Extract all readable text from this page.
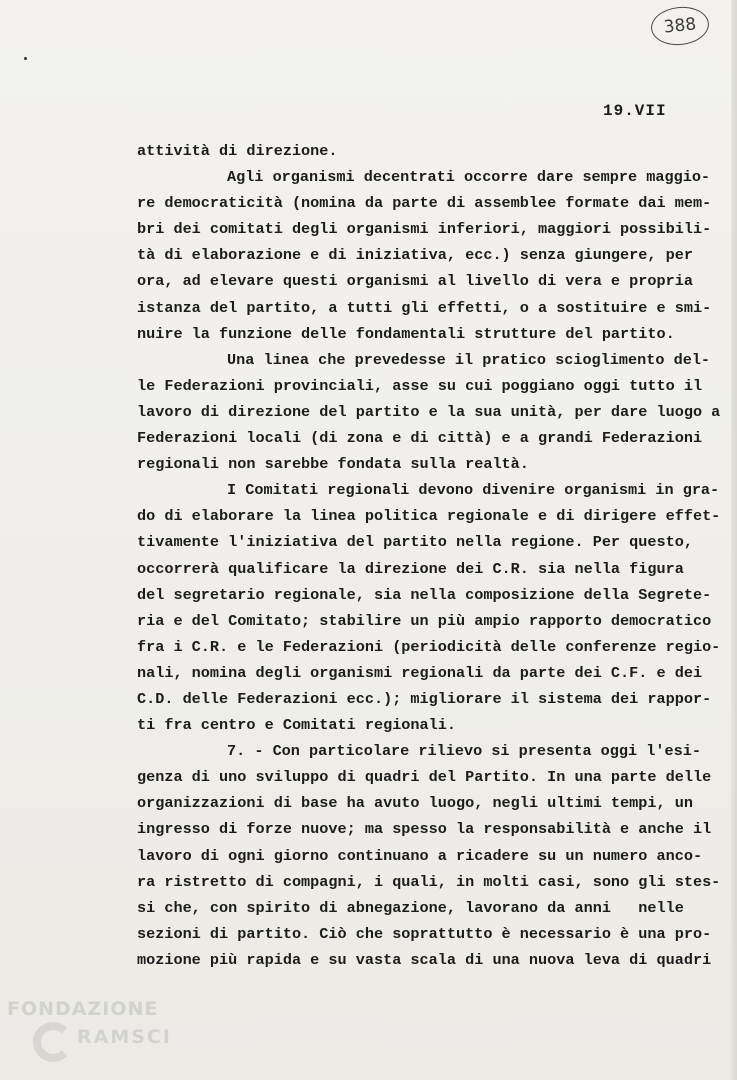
388
19.VII
attività di direzione.
Agli organismi decentrati occorre dare sempre maggio-
re democraticità (nomina da parte di assemblee formate dai mem-
bri dei comitati degli organismi inferiori, maggiori possibili-
tà di elaborazione e di iniziativa, ecc.) senza giungere, per
ora, ad elevare questi organismi al livello di vera e propria
istanza del partito, a tutti gli effetti, o a sostituire e smi-
nuire la funzione delle fondamentali strutture del partito.
Una linea che prevedesse il pratico scioglimento del-
le Federazioni provinciali, asse su cui poggiano oggi tutto il
lavoro di direzione del partito e la sua unità, per dare luogo a
Federazioni locali (di zona e di città) e a grandi Federazioni
regionali non sarebbe fondata sulla realtà.
I Comitati regionali devono divenire organismi in gra-
do di elaborare la linea politica regionale e di dirigere effet-
tivamente l'iniziativa del partito nella regione. Per questo,
occorrerà qualificare la direzione dei C.R. sia nella figura
del segretario regionale, sia nella composizione della Segrete-
ria e del Comitato; stabilire un più ampio rapporto democratico
fra i C.R. e le Federazioni (periodicità delle conferenze regio-
nali, nomina degli organismi regionali da parte dei C.F. e dei
C.D. delle Federazioni ecc.); migliorare il sistema dei rappor-
ti fra centro e Comitati regionali.
7. - Con particolare rilievo si presenta oggi l'esi-
genza di uno sviluppo di quadri del Partito. In una parte delle
organizzazioni di base ha avuto luogo, negli ultimi tempi, un
ingresso di forze nuove; ma spesso la responsabilità e anche il
lavoro di ogni giorno continuano a ricadere su un numero anco-
ra ristretto di compagni, i quali, in molti casi, sono gli stes-
si che, con spirito di abnegazione, lavorano da anni   nelle
sezioni di partito. Ciò che soprattutto è necessario è una pro-
mozione più rapida e su vasta scala di una nuova leva di quadri
FONDAZIONE
RAMSCI
